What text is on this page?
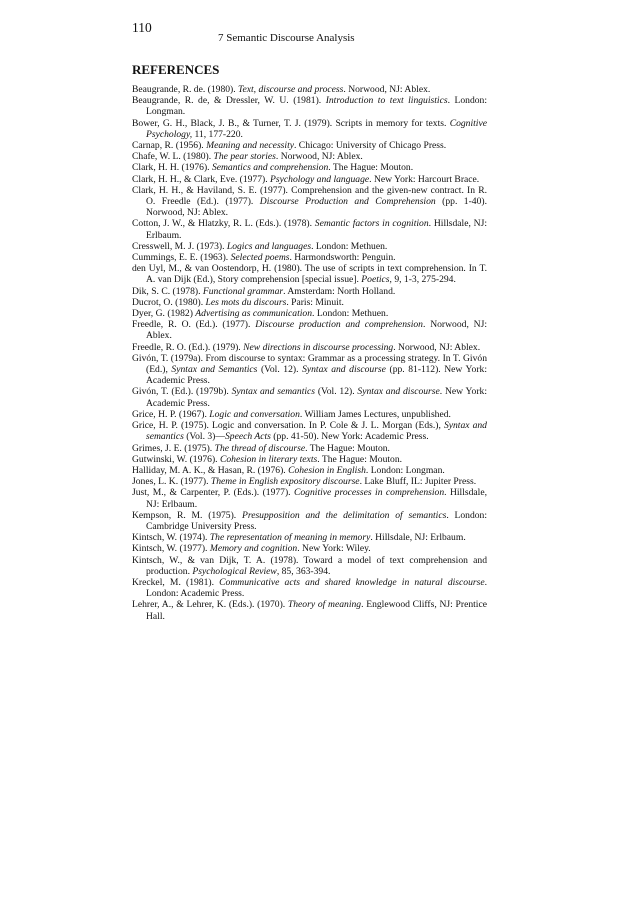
110
7 Semantic Discourse Analysis
REFERENCES
Beaugrande, R. de. (1980). Text, discourse and process. Norwood, NJ: Ablex.
Beaugrande, R. de, & Dressler, W. U. (1981). Introduction to text linguistics. London: Longman.
Bower, G. H., Black, J. B., & Turner, T. J. (1979). Scripts in memory for texts. Cognitive Psychology, 11, 177-220.
Carnap, R. (1956). Meaning and necessity. Chicago: University of Chicago Press.
Chafe, W. L. (1980). The pear stories. Norwood, NJ: Ablex.
Clark, H. H. (1976). Semantics and comprehension. The Hague: Mouton.
Clark, H. H., & Clark, Eve. (1977). Psychology and language. New York: Harcourt Brace.
Clark, H. H., & Haviland, S. E. (1977). Comprehension and the given-new contract. In R. O. Freedle (Ed.). (1977). Discourse Production and Comprehension (pp. 1-40). Norwood, NJ: Ablex.
Cotton, J. W., & Hlatzky, R. L. (Eds.). (1978). Semantic factors in cognition. Hillsdale, NJ: Erlbaum.
Cresswell, M. J. (1973). Logics and languages. London: Methuen.
Cummings, E. E. (1963). Selected poems. Harmondsworth: Penguin.
den Uyl, M., & van Oostendorp, H. (1980). The use of scripts in text comprehension. In T. A. van Dijk (Ed.), Story comprehension [special issue]. Poetics, 9, 1-3, 275-294.
Dik, S. C. (1978). Functional grammar. Amsterdam: North Holland.
Ducrot, O. (1980). Les mots du discours. Paris: Minuit.
Dyer, G. (1982) Advertising as communication. London: Methuen.
Freedle, R. O. (Ed.). (1977). Discourse production and comprehension. Norwood, NJ: Ablex.
Freedle, R. O. (Ed.). (1979). New directions in discourse processing. Norwood, NJ: Ablex.
Givón, T. (1979a). From discourse to syntax: Grammar as a processing strategy. In T. Givón (Ed.), Syntax and Semantics (Vol. 12). Syntax and discourse (pp. 81-112). New York: Academic Press.
Givón, T. (Ed.). (1979b). Syntax and semantics (Vol. 12). Syntax and discourse. New York: Academic Press.
Grice, H. P. (1967). Logic and conversation. William James Lectures, unpublished.
Grice, H. P. (1975). Logic and conversation. In P. Cole & J. L. Morgan (Eds.), Syntax and semantics (Vol. 3)—Speech Acts (pp. 41-50). New York: Academic Press.
Grimes, J. E. (1975). The thread of discourse. The Hague: Mouton.
Gutwinski, W. (1976). Cohesion in literary texts. The Hague: Mouton.
Halliday, M. A. K., & Hasan, R. (1976). Cohesion in English. London: Longman.
Jones, L. K. (1977). Theme in English expository discourse. Lake Bluff, IL: Jupiter Press.
Just, M., & Carpenter, P. (Eds.). (1977). Cognitive processes in comprehension. Hillsdale, NJ: Erlbaum.
Kempson, R. M. (1975). Presupposition and the delimitation of semantics. London: Cambridge University Press.
Kintsch, W. (1974). The representation of meaning in memory. Hillsdale, NJ: Erlbaum.
Kintsch, W. (1977). Memory and cognition. New York: Wiley.
Kintsch, W., & van Dijk, T. A. (1978). Toward a model of text comprehension and production. Psychological Review, 85, 363-394.
Kreckel, M. (1981). Communicative acts and shared knowledge in natural discourse. London: Academic Press.
Lehrer, A., & Lehrer, K. (Eds.). (1970). Theory of meaning. Englewood Cliffs, NJ: Prentice Hall.
